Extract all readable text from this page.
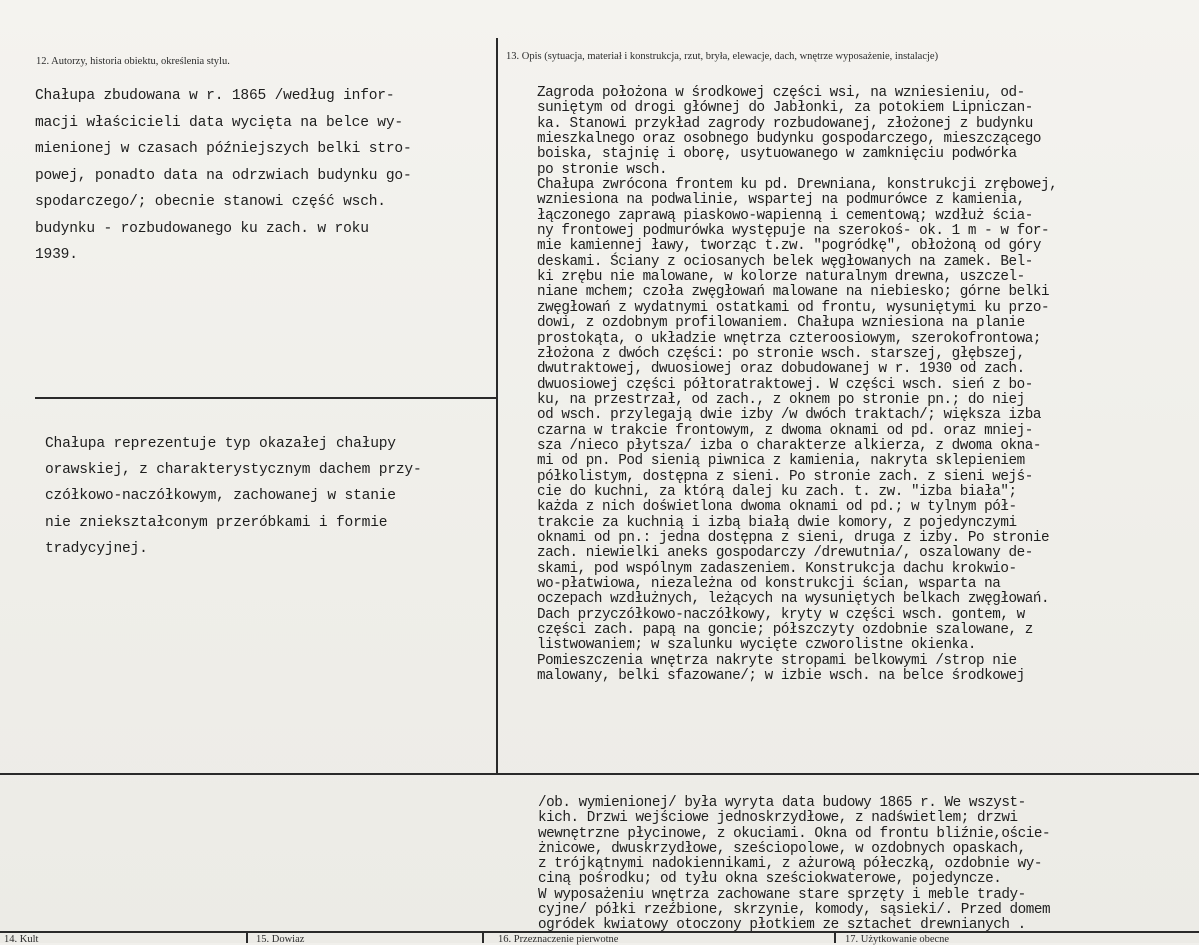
12. Autorzy, historia obiektu, określenia stylu.	13. Opis (sytuacja, materiał i konstrukcja, rzut, bryła, elewacje, dach, wnętrze wyposażenie, instalacje)
14. Kult	15. Dowiaz	16. Przeznaczenie pierwotne	17. Użytkowanie obecne
Chałupa zbudowana w r. 1865 /według infor-
macji właścicieli data wycięta na belce wy-
mienionej w czasach późniejszych belki stro-
powej, ponadto data na odrzwiach budynku go-
spodarczego/; obecnie stanowi część wsch.
budynku - rozbudowanego ku zach. w roku
1939.
Chałupa reprezentuje typ okazałej chałupy
orawskiej, z charakterystycznym dachem przy-
czółkowo-naczółkowym, zachowanej w stanie
nie zniekształconym przeróbkami i formie
tradycyjnej.
Zagroda położona w środkowej części wsi, na wzniesieniu, od-
suniętym od drogi głównej do Jabłonki, za potokiem Lipniczan-
ka. Stanowi przykład zagrody rozbudowanej, złożonej z budynku
mieszkalnego oraz osobnego budynku gospodarczego, mieszczącego
boiska, stajnię i oborę, usytuowanego w zamknięciu podwórka
po stronie wsch.
Chałupa zwrócona frontem ku pd. Drewniana, konstrukcji zrębowej,
wzniesiona na podwalinie, wspartej na podmurówce z kamienia,
łączonego zaprawą piaskowo-wapienną i cementową; wzdłuż ścia-
ny frontowej podmurówka występuje na szerokoś- ok. 1 m - w for-
mie kamiennej ławy, tworząc t.zw. "pogródkę", obłożoną od góry
deskami. Ściany z ociosanych belek węgłowanych na zamek. Bel-
ki zrębu nie malowane, w kolorze naturalnym drewna, uszczel-
niane mchem; czoła zwęgłowań malowane na niebiesko; górne belki
zwęgłowań z wydatnymi ostatkami od frontu, wysuniętymi ku przo-
dowi, z ozdobnym profilowaniem. Chałupa wzniesiona na planie
prostokąta, o układzie wnętrza czteroosiowym, szerokofrontowa;
złożona z dwóch części: po stronie wsch. starszej, głębszej,
dwutraktowej, dwuosiowej oraz dobudowanej w r. 1930 od zach.
dwuosiowej części półtoratraktowej. W części wsch. sień z bo-
ku, na przestrzał, od zach., z oknem po stronie pn.; do niej
od wsch. przylegają dwie izby /w dwóch traktach/; większa izba
czarna w trakcie frontowym, z dwoma oknami od pd. oraz mniej-
sza /nieco płytsza/ izba o charakterze alkierza, z dwoma okna-
mi od pn. Pod sienią piwnica z kamienia, nakryta sklepieniem
półkolistym, dostępna z sieni. Po stronie zach. z sieni wejś-
cie do kuchni, za którą dalej ku zach. t. zw. "izba biała";
każda z nich doświetlona dwoma oknami od pd.; w tylnym pół-
trakcie za kuchnią i izbą białą dwie komory, z pojedynczymi
oknami od pn.: jedna dostępna z sieni, druga z izby. Po stronie
zach. niewielki aneks gospodarczy /drewutnia/, oszalowany de-
skami, pod wspólnym zadaszeniem. Konstrukcja dachu krokwio-
wo-płatwiowa, niezależna od konstrukcji ścian, wsparta na
oczepach wzdłużnych, leżących na wysuniętych belkach zwęgłowań.
Dach przyczółkowo-naczółkowy, kryty w części wsch. gontem, w
części zach. papą na goncie; półszczyty ozdobnie szalowane, z
listwowaniem; w szalunku wycięte czworolistne okienka.
Pomieszczenia wnętrza nakryte stropami belkowymi /strop nie
malowany, belki sfazowane/; w izbie wsch. na belce środkowej
/ob. wymienionej/ była wyryta data budowy 1865 r. We wszyst-
kich. Drzwi wejściowe jednoskrzydłowe, z nadświetlem; drzwi
wewnętrzne płycinowe, z okuciami. Okna od frontu bliźnie,oście-
żnicowe, dwuskrzydłowe, sześciopolowe, w ozdobnych opaskach,
z trójkątnymi nadokiennikami, z ażurową półeczką, ozdobnie wy-
ciną pośrodku; od tyłu okna sześciokwaterowe, pojedyncze.
W wyposażeniu wnętrza zachowane stare sprzęty i meble trady-
cyjne/ półki rzeźbione, skrzynie, komody, sąsieki/. Przed domem
ogródek kwiatowy otoczony płotkiem ze sztachet drewnianych .
